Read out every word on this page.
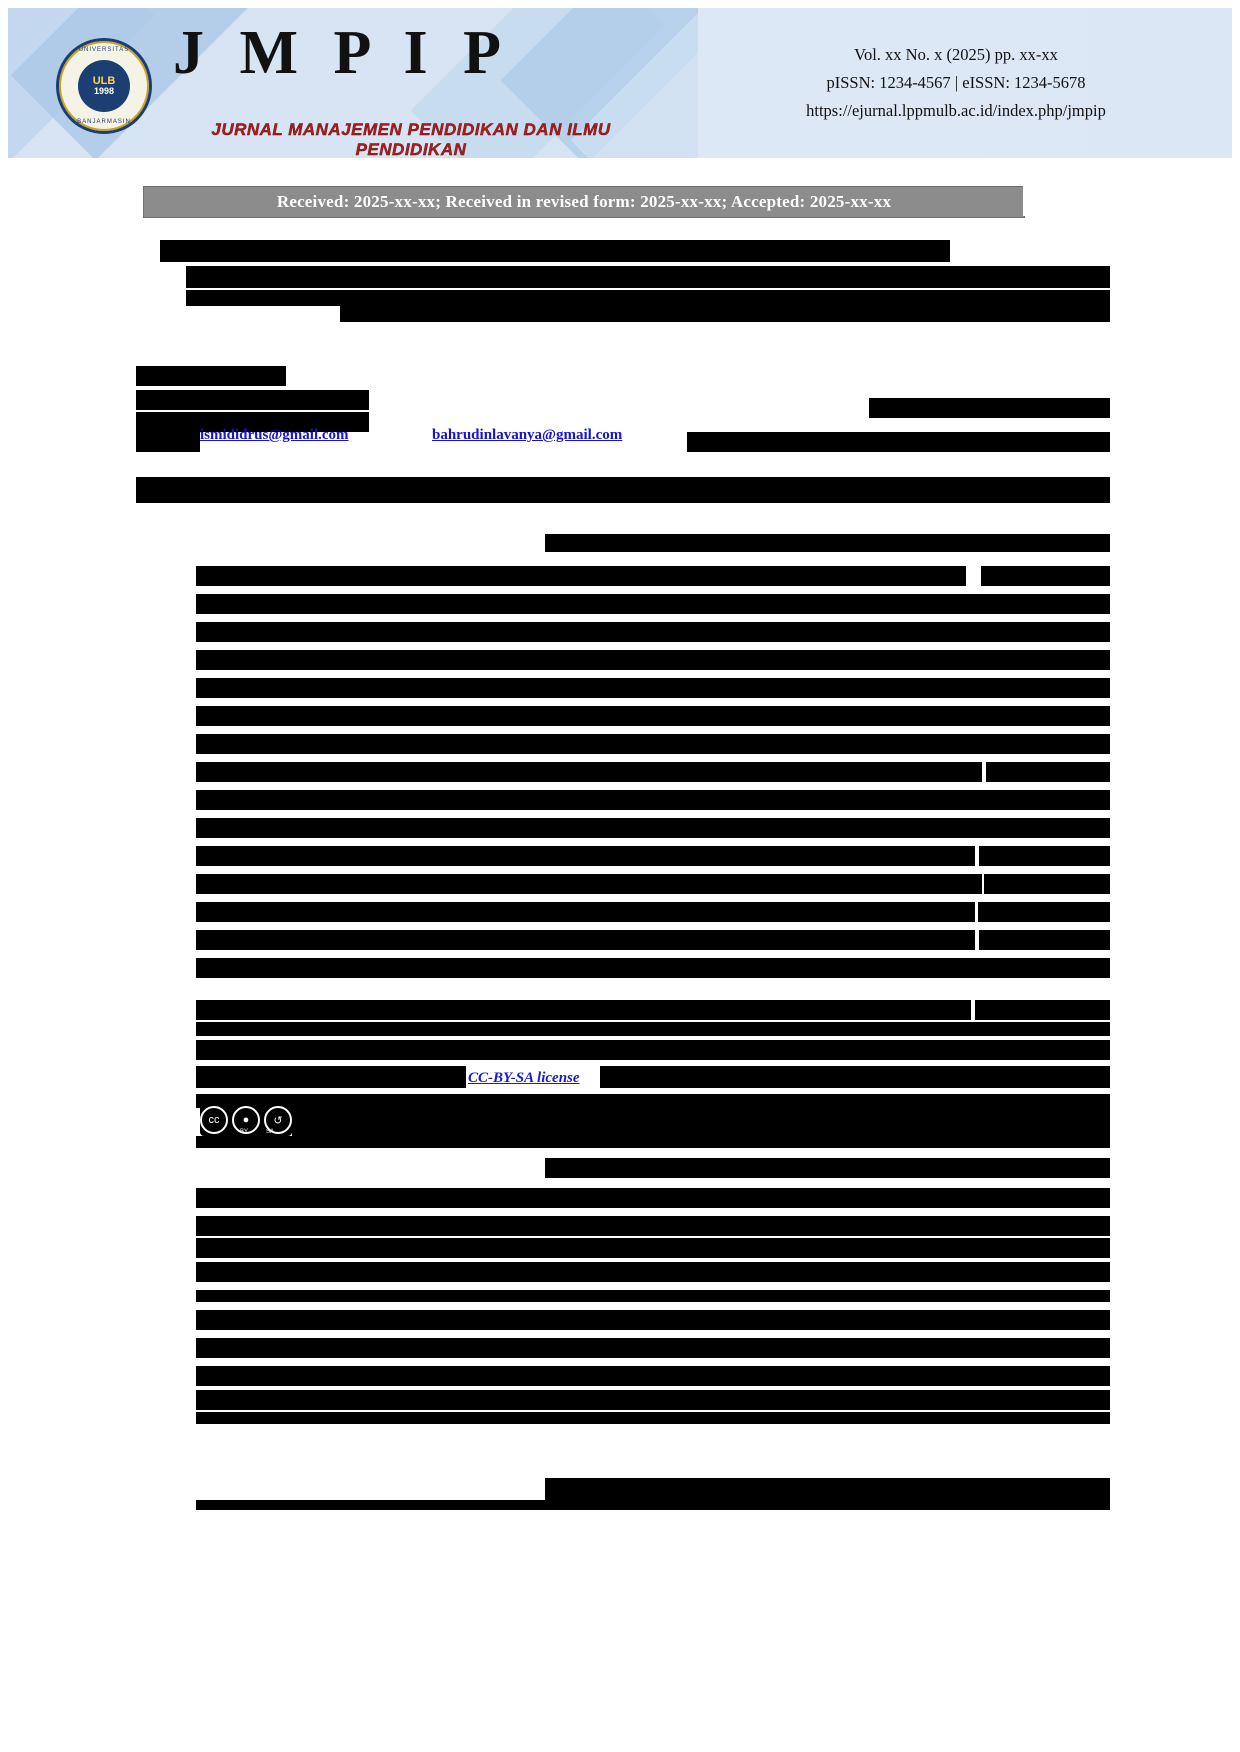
UNIVERSITAS
ULB
1998
BANJARMASIN
J M P I P
JURNAL MANAJEMEN PENDIDIKAN DAN ILMU PENDIDIKAN
Vol. xx No. x (2025) pp. xx-xx
pISSN: 1234-4567 | eISSN: 1234-5678
https://ejurnal.lppmulb.ac.id/index.php/jmpip
Received: 2025-xx-xx; Received in revised form: 2025-xx-xx; Accepted: 2025-xx-xx
ismididrus@gmail.com	bahrudinlavanya@gmail.com
CC-BY-SA license
cc	●	↺
BY	SA
